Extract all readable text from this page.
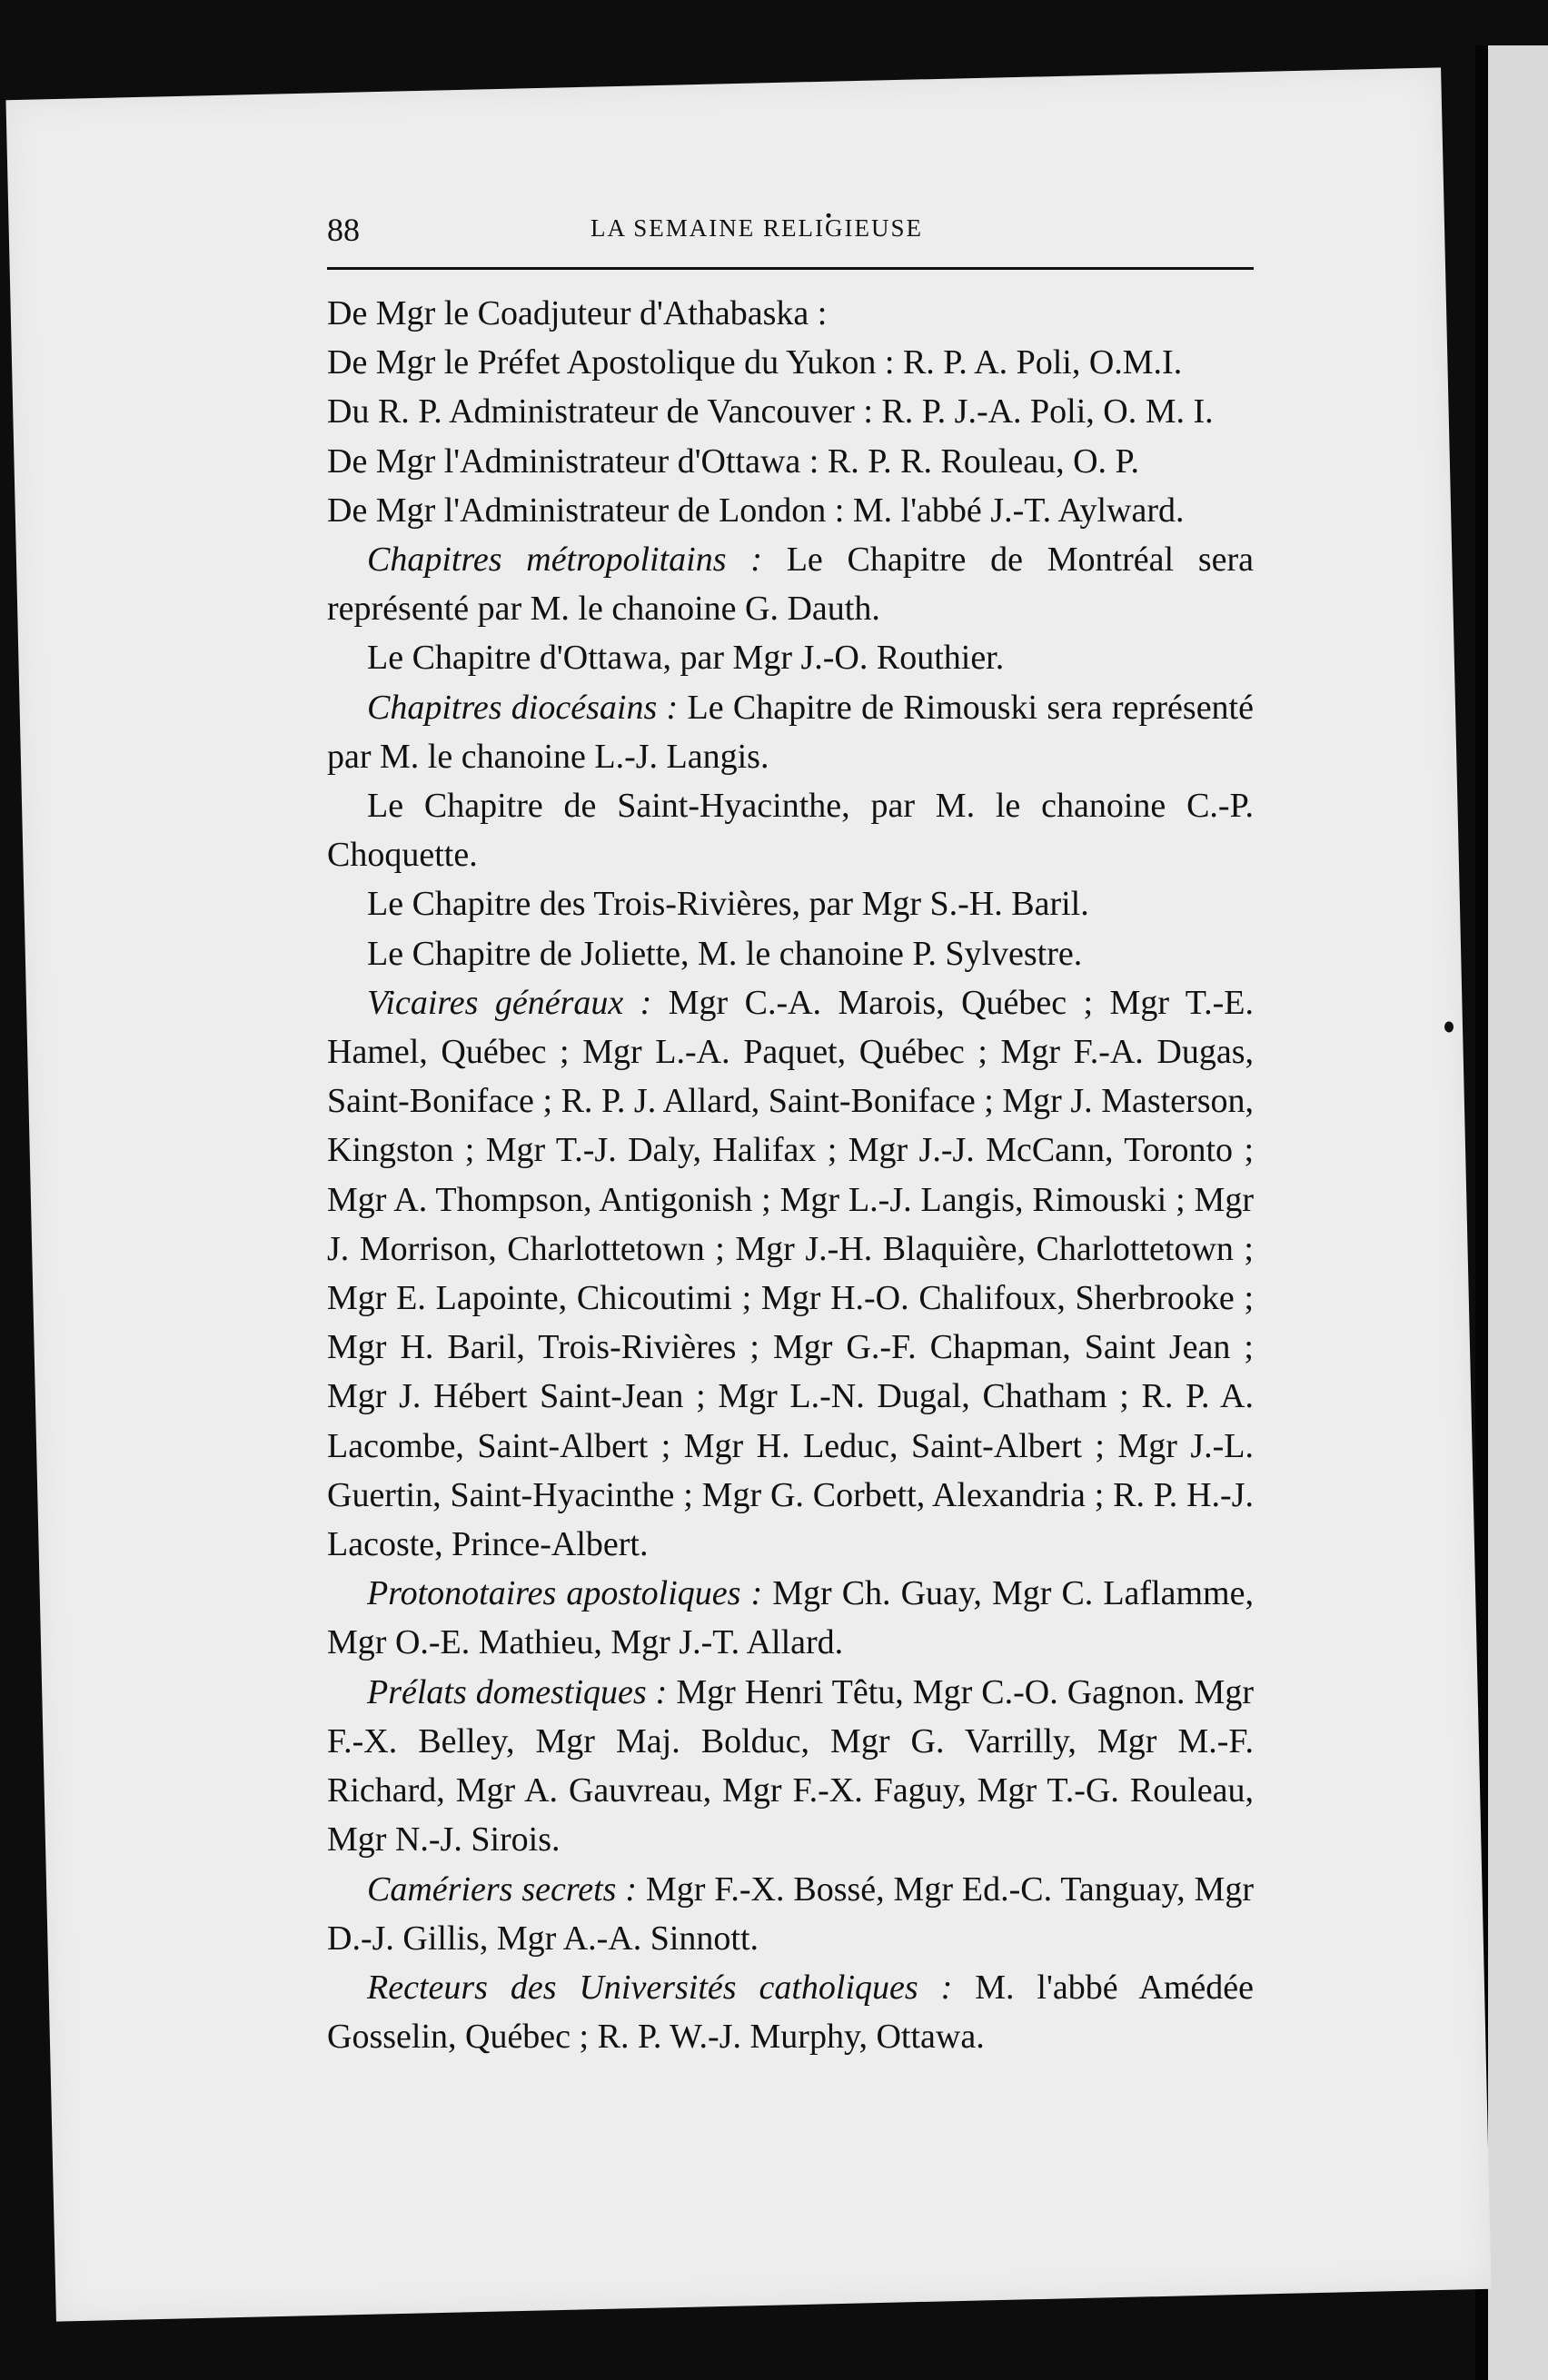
88	LA SEMAINE RELIGIEUSE

De Mgr le Coadjuteur d'Athabaska :

De Mgr le Préfet Apostolique du Yukon : R. P. A. Poli, O.M.I.

Du R. P. Administrateur de Vancouver : R. P. J.-A. Poli, O. M. I.

De Mgr l'Administrateur d'Ottawa : R. P. R. Rouleau, O. P.

De Mgr l'Administrateur de London : M. l'abbé J.-T. Aylward.

Chapitres métropolitains : Le Chapitre de Montréal sera représenté par M. le chanoine G. Dauth.

Le Chapitre d'Ottawa, par Mgr J.-O. Routhier.

Chapitres diocésains : Le Chapitre de Rimouski sera représenté par M. le chanoine L.-J. Langis.

Le Chapitre de Saint-Hyacinthe, par M. le chanoine C.-P. Choquette.

Le Chapitre des Trois-Rivières, par Mgr S.-H. Baril.

Le Chapitre de Joliette, M. le chanoine P. Sylvestre.

Vicaires généraux : Mgr C.-A. Marois, Québec ; Mgr T.-E. Hamel, Québec ; Mgr L.-A. Paquet, Québec ; Mgr F.-A. Dugas, Saint-Boniface ; R. P. J. Allard, Saint-Boniface ; Mgr J. Masterson, Kingston ; Mgr T.-J. Daly, Halifax ; Mgr J.-J. McCann, Toronto ; Mgr A. Thompson, Antigonish ; Mgr L.-J. Langis, Rimouski ; Mgr J. Morrison, Charlottetown ; Mgr J.-H. Blaquière, Charlottetown ; Mgr E. Lapointe, Chicoutimi ; Mgr H.-O. Chalifoux, Sherbrooke ; Mgr H. Baril, Trois-Rivières ; Mgr G.-F. Chapman, Saint Jean ; Mgr J. Hébert Saint-Jean ; Mgr L.-N. Dugal, Chatham ; R. P. A. Lacombe, Saint-Albert ; Mgr H. Leduc, Saint-Albert ; Mgr J.-L. Guertin, Saint-Hyacinthe ; Mgr G. Corbett, Alexandria ; R. P. H.-J. Lacoste, Prince-Albert.

Protonotaires apostoliques : Mgr Ch. Guay, Mgr C. Laflamme, Mgr O.-E. Mathieu, Mgr J.-T. Allard.

Prélats domestiques : Mgr Henri Têtu, Mgr C.-O. Gagnon. Mgr F.-X. Belley, Mgr Maj. Bolduc, Mgr G. Varrilly, Mgr M.-F. Richard, Mgr A. Gauvreau, Mgr F.-X. Faguy, Mgr T.-G. Rouleau, Mgr N.-J. Sirois.

Camériers secrets : Mgr F.-X. Bossé, Mgr Ed.-C. Tanguay, Mgr D.-J. Gillis, Mgr A.-A. Sinnott.

Recteurs des Universités catholiques : M. l'abbé Amédée Gosselin, Québec ; R. P. W.-J. Murphy, Ottawa.
